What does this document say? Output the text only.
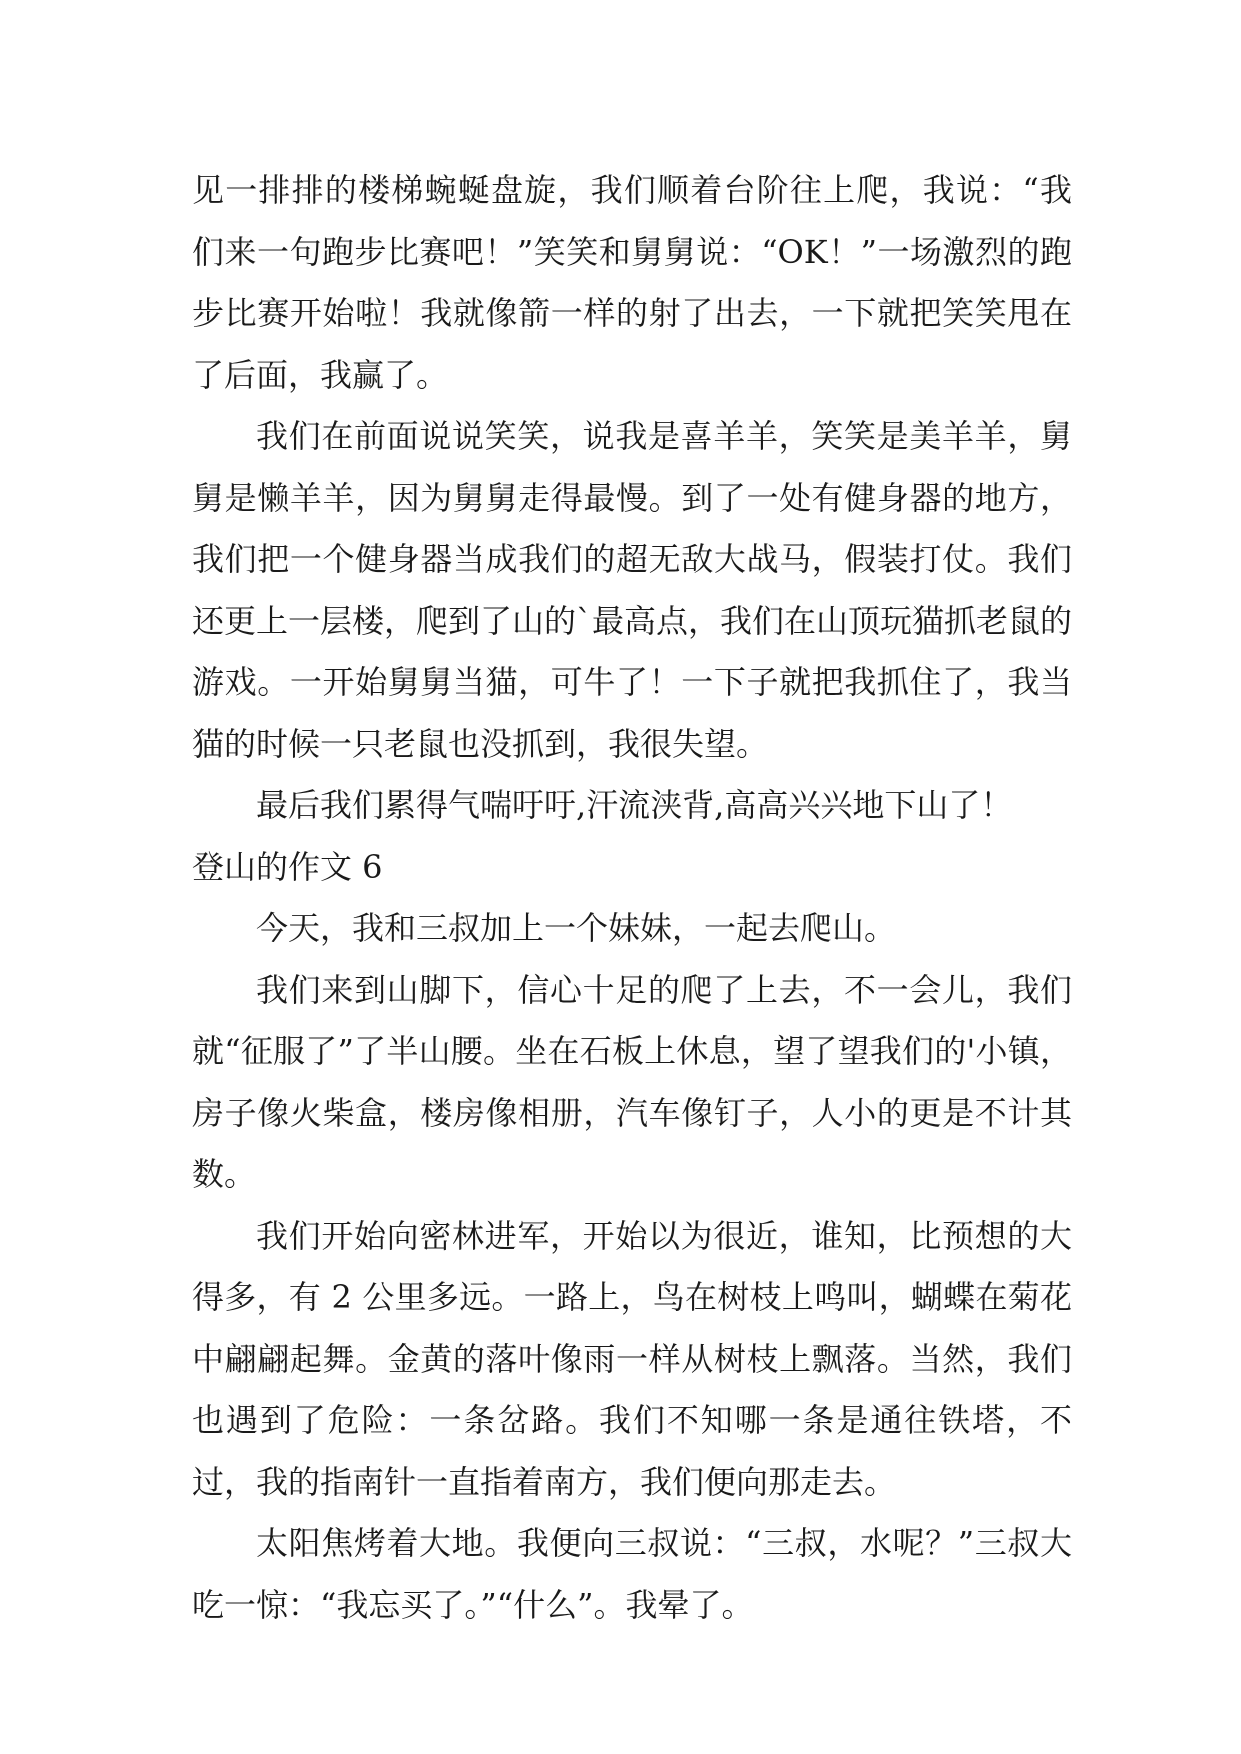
见一排排的楼梯蜿蜒盘旋，我们顺着台阶往上爬，我说：“我们来一句跑步比赛吧！”笑笑和舅舅说：“OK！”一场激烈的跑步比赛开始啦！我就像箭一样的射了出去，一下就把笑笑甩在了后面，我赢了。

我们在前面说说笑笑，说我是喜羊羊，笑笑是美羊羊，舅舅是懒羊羊，因为舅舅走得最慢。到了一处有健身器的地方，我们把一个健身器当成我们的超无敌大战马，假装打仗。我们还更上一层楼，爬到了山的`最高点，我们在山顶玩猫抓老鼠的游戏。一开始舅舅当猫，可牛了！一下子就把我抓住了，我当猫的时候一只老鼠也没抓到，我很失望。

最后我们累得气喘吁吁,汗流浃背,高高兴兴地下山了！

登山的作文 6

今天，我和三叔加上一个妹妹，一起去爬山。

我们来到山脚下，信心十足的爬了上去，不一会儿，我们就“征服了”了半山腰。坐在石板上休息，望了望我们的'小镇，房子像火柴盒，楼房像相册，汽车像钉子，人小的更是不计其数。

我们开始向密林进军，开始以为很近，谁知，比预想的大得多，有 2 公里多远。一路上，鸟在树枝上鸣叫，蝴蝶在菊花中翩翩起舞。金黄的落叶像雨一样从树枝上飘落。当然，我们也遇到了危险：一条岔路。我们不知哪一条是通往铁塔，不过，我的指南针一直指着南方，我们便向那走去。

太阳焦烤着大地。我便向三叔说：“三叔，水呢？”三叔大吃一惊：“我忘买了。”“什么”。我晕了。
